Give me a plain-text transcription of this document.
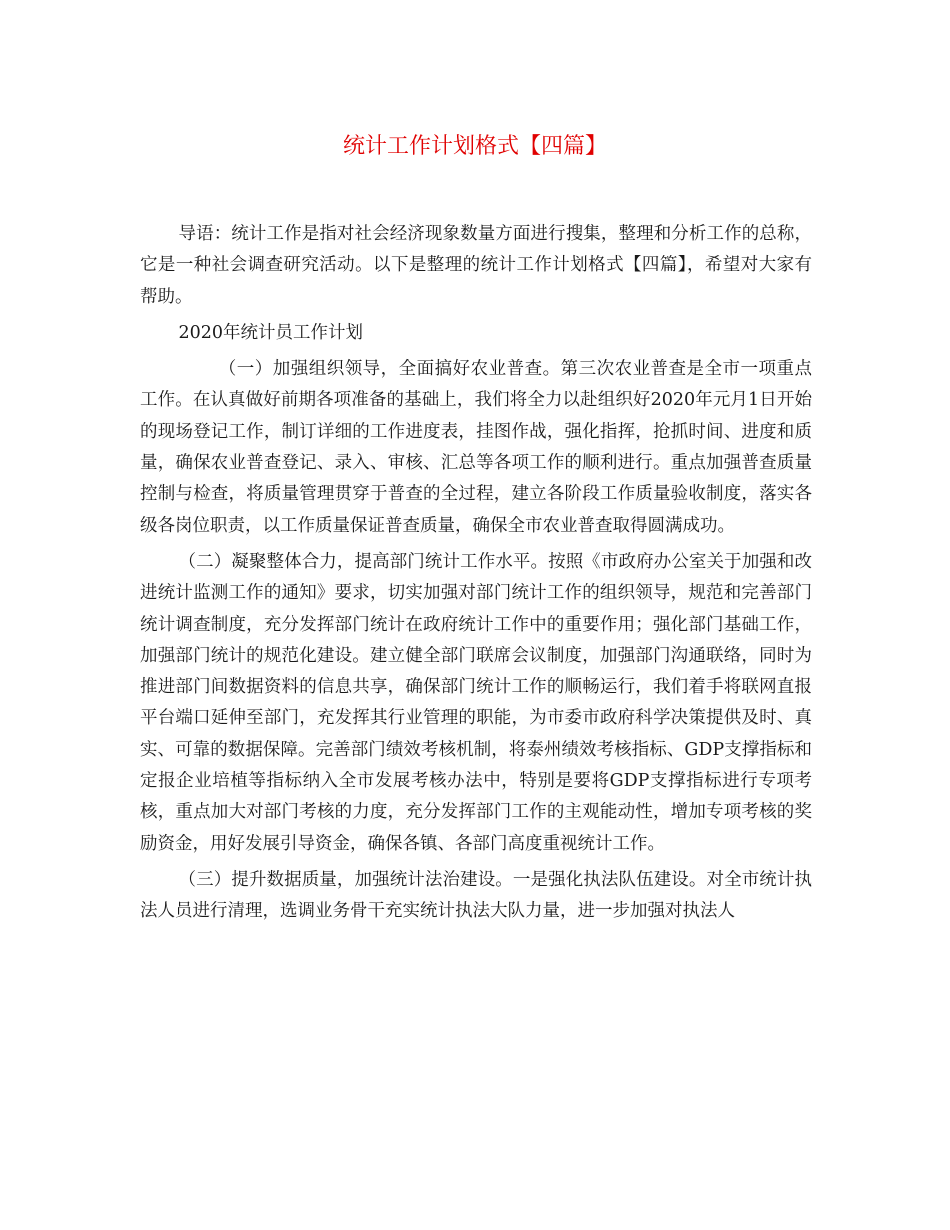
统计工作计划格式【四篇】

导语：统计工作是指对社会经济现象数量方面进行搜集，整理和分析工作的总称，它是一种社会调查研究活动。以下是整理的统计工作计划格式【四篇】，希望对大家有帮助。

2020年统计员工作计划

（一）加强组织领导，全面搞好农业普查。第三次农业普查是全市一项重点工作。在认真做好前期各项准备的基础上，我们将全力以赴组织好2020年元月1日开始的现场登记工作，制订详细的工作进度表，挂图作战，强化指挥，抢抓时间、进度和质量，确保农业普查登记、录入、审核、汇总等各项工作的顺利进行。重点加强普查质量控制与检查，将质量管理贯穿于普查的全过程，建立各阶段工作质量验收制度，落实各级各岗位职责，以工作质量保证普查质量，确保全市农业普查取得圆满成功。

（二）凝聚整体合力，提高部门统计工作水平。按照《市政府办公室关于加强和改进统计监测工作的通知》要求，切实加强对部门统计工作的组织领导，规范和完善部门统计调查制度，充分发挥部门统计在政府统计工作中的重要作用；强化部门基础工作，加强部门统计的规范化建设。建立健全部门联席会议制度，加强部门沟通联络，同时为推进部门间数据资料的信息共享，确保部门统计工作的顺畅运行，我们着手将联网直报平台端口延伸至部门，充发挥其行业管理的职能，为市委市政府科学决策提供及时、真实、可靠的数据保障。完善部门绩效考核机制，将泰州绩效考核指标、GDP支撑指标和定报企业培植等指标纳入全市发展考核办法中，特别是要将GDP支撑指标进行专项考核，重点加大对部门考核的力度，充分发挥部门工作的主观能动性，增加专项考核的奖励资金，用好发展引导资金，确保各镇、各部门高度重视统计工作。

（三）提升数据质量，加强统计法治建设。一是强化执法队伍建设。对全市统计执法人员进行清理，选调业务骨干充实统计执法大队力量，进一步加强对执法人
